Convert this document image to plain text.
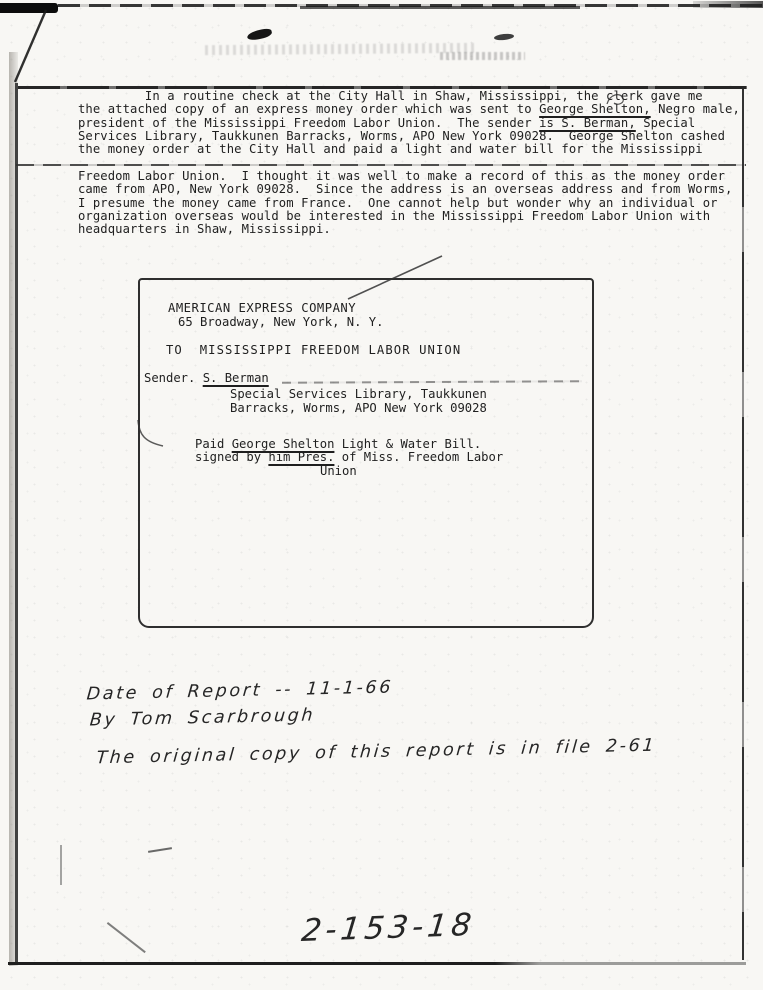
In a routine check at the City Hall in Shaw, Mississippi, the clerk gave me
the attached copy of an express money order which was sent to George Shelton, Negro male,
president of the Mississippi Freedom Labor Union.  The sender is S. Berman, Special
Services Library, Taukkunen Barracks, Worms, APO New York 09028.  George Shelton cashed
the money order at the City Hall and paid a light and water bill for the Mississippi
Freedom Labor Union.  I thought it was well to make a record of this as the money order
came from APO, New York 09028.  Since the address is an overseas address and from Worms,
I presume the money came from France.  One cannot help but wonder why an individual or
organization overseas would be interested in the Mississippi Freedom Labor Union with
headquarters in Shaw, Mississippi.
AMERICAN EXPRESS COMPANY
65 Broadway, New York, N. Y.
TO  MISSISSIPPI FREEDOM LABOR UNION
Sender. S. Berman
Special Services Library, Taukkunen
Barracks, Worms, APO New York 09028
Paid George Shelton Light & Water Bill.
signed by him Pres. of Miss. Freedom Labor
Union
Date of Report -- 11-1-66
By Tom Scarbrough
The original copy of this report is in file 2-61
2-153-18
